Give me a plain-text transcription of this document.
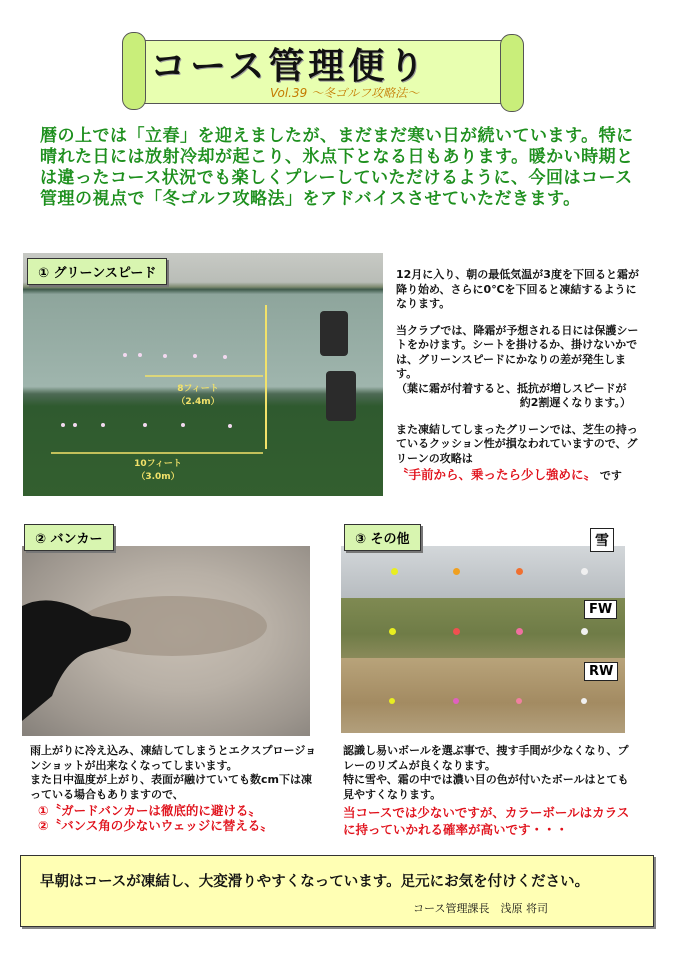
コース管理便り
Vol.39 〜冬ゴルフ攻略法〜
暦の上では「立春」を迎えましたが、まだまだ寒い日が続いています。特に晴れた日には放射冷却が起こり、氷点下となる日もあります。暖かい時期とは違ったコース状況でも楽しくプレーしていただけるように、今回はコース管理の視点で「冬ゴルフ攻略法」をアドバイスさせていただきます。
8フィート
（2.4m）
10フィート
（3.0m）
① グリーンスピード	12月に入り、朝の最低気温が3度を下回ると霜が降り始め、さらに0℃を下回ると凍結するようになります。
当クラブでは、降霜が予想される日には保護シートをかけます。シートを掛けるか、掛けないかでは、グリーンスピードにかなりの差が発生します。
（葉に霜が付着すると、抵抗が増しスピードが
約2割遅くなります。）
また凍結してしまったグリーンでは、芝生の持っているクッション性が損なわれていますので、グリーンの攻略は
〝手前から、乗ったら少し強めに〟 です
② バンカー
雨上がりに冷え込み、凍結してしまうとエクスプロージョンショットが出来なくなってしまいます。
また日中温度が上がり、表面が融けていても数cm下は凍っている場合もありますので、
①〝ガードバンカーは徹底的に避ける〟
②〝バンス角の少ないウェッジに替える〟
雪
FW
RW
③ その他
認識し易いボールを選ぶ事で、捜す手間が少なくなり、プレーのリズムが良くなります。
特に雪や、霜の中では濃い目の色が付いたボールはとても見やすくなります。
当コースでは少ないですが、カラーボールはカラスに持っていかれる確率が高いです・・・
早朝はコースが凍結し、大変滑りやすくなっています。足元にお気を付けください。
コース管理課長　浅原 将司
